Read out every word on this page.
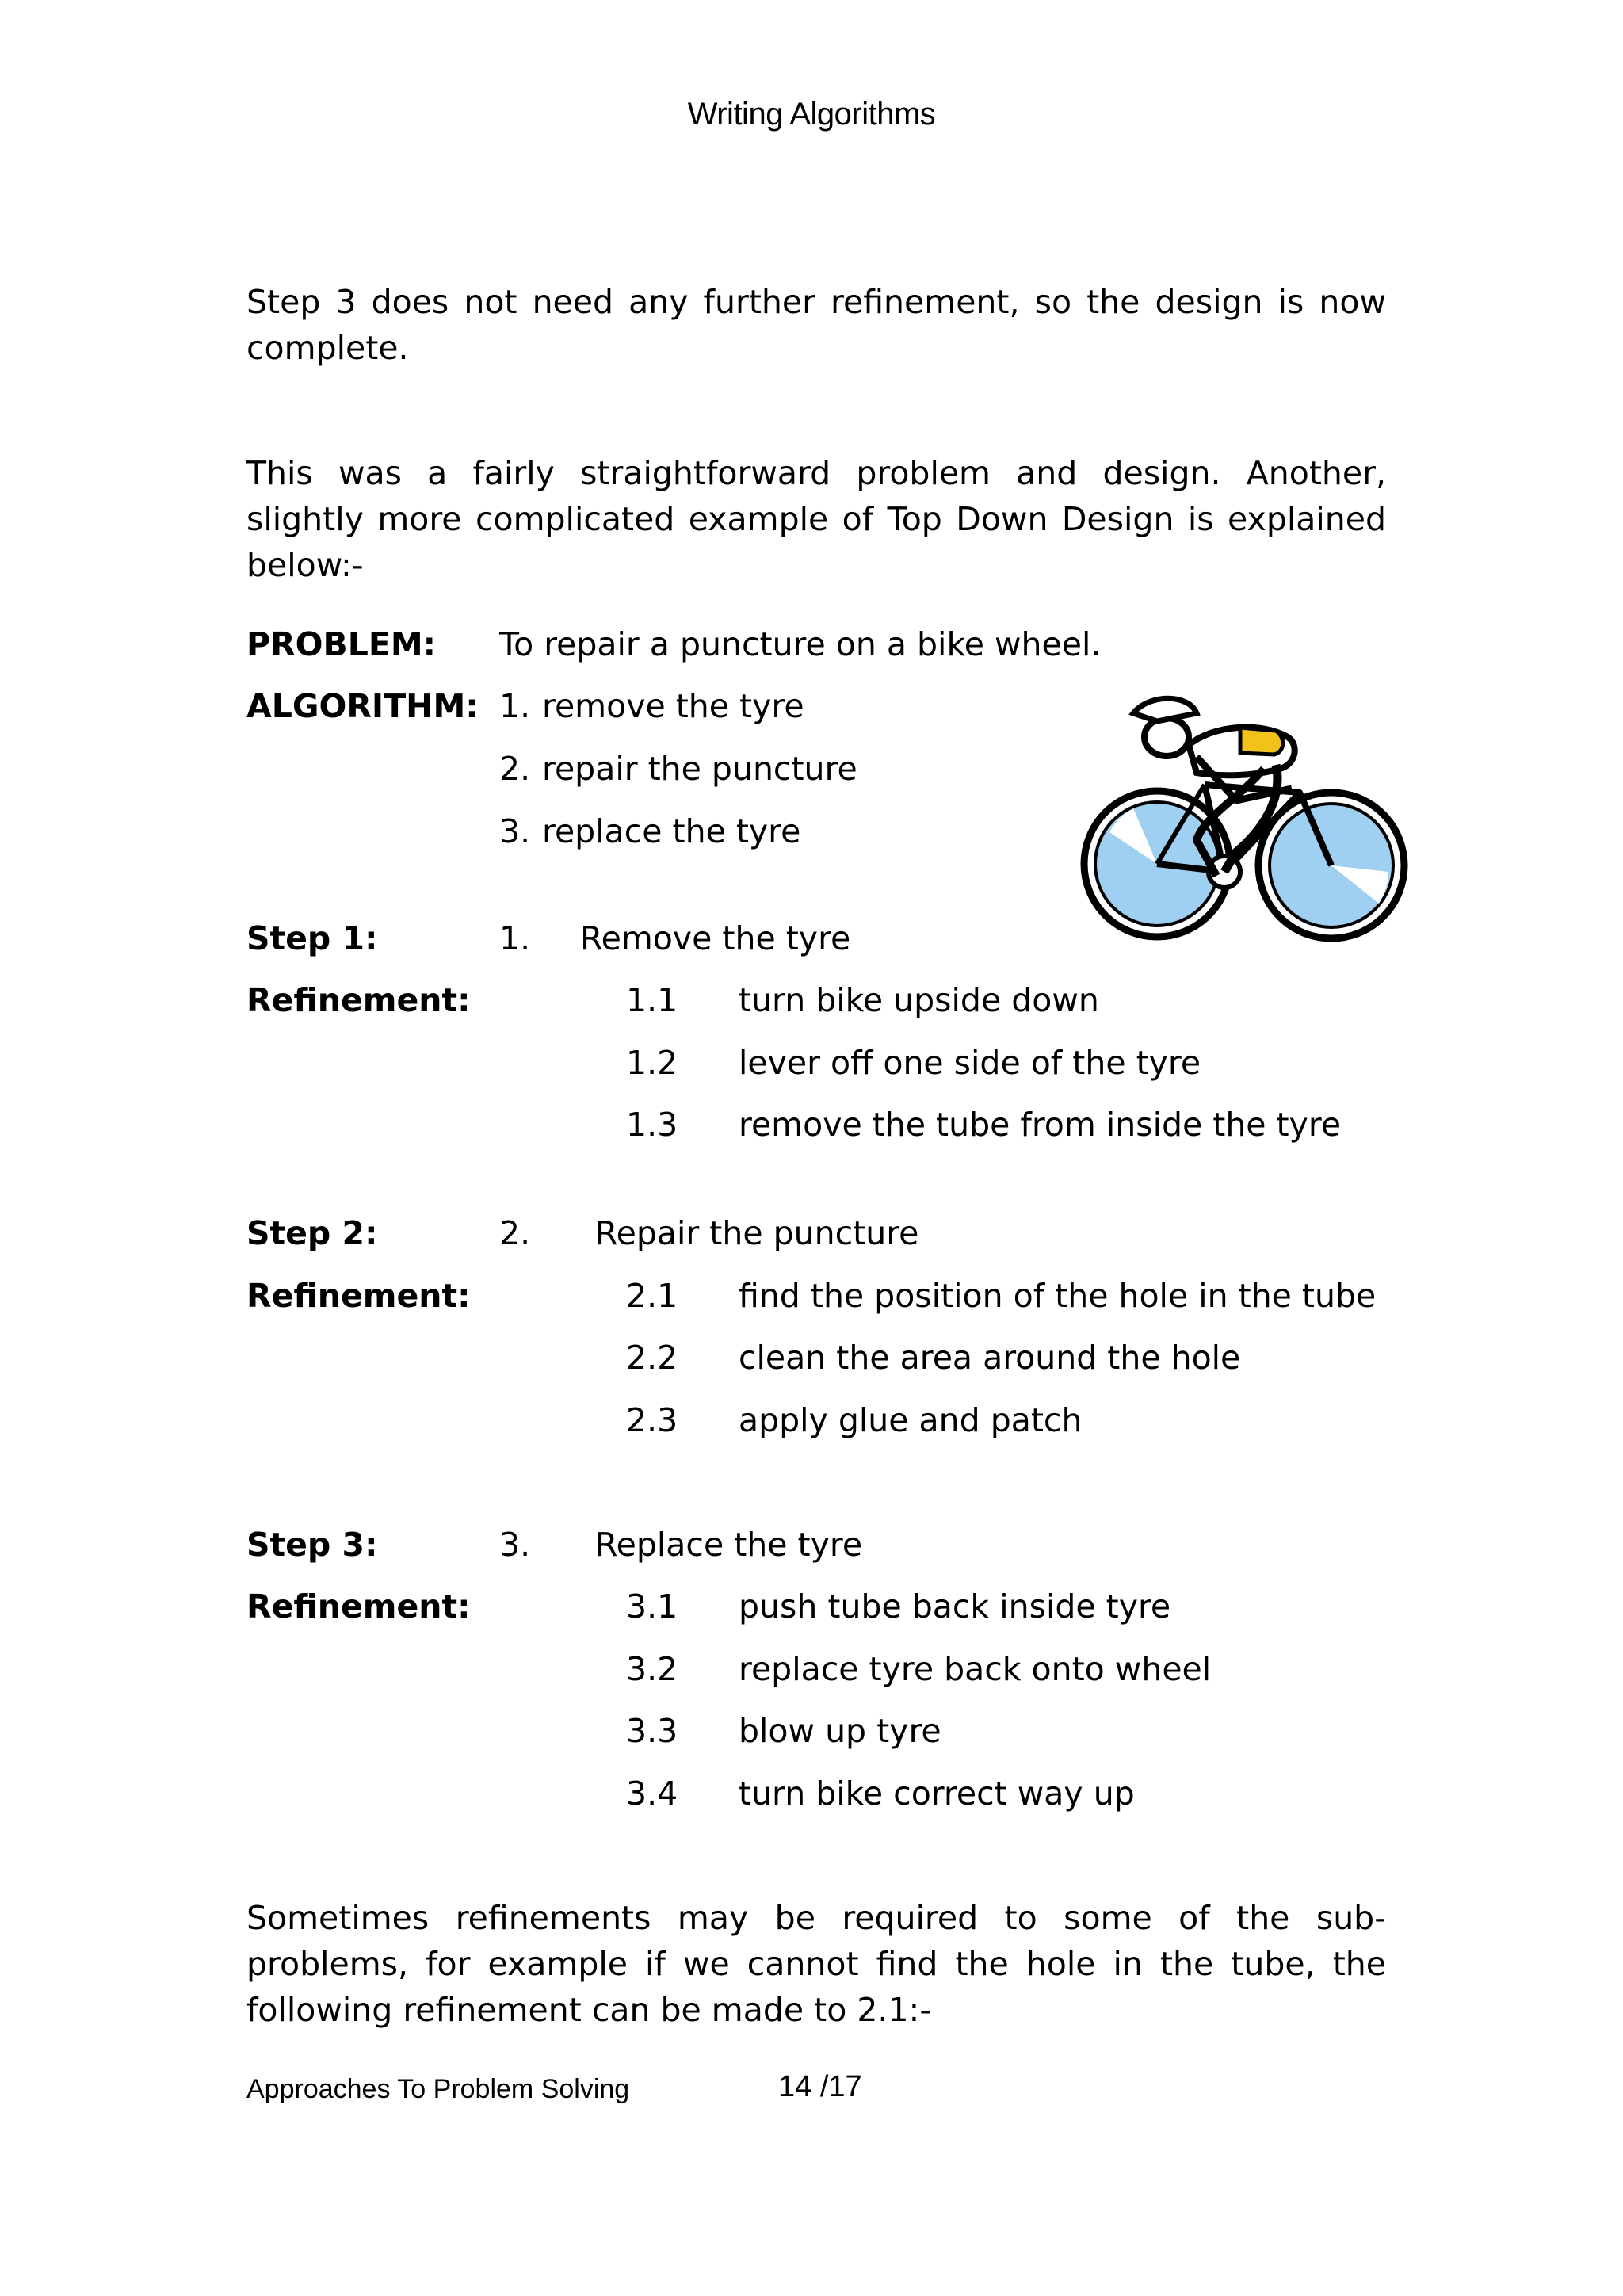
Writing Algorithms
Step 3 does not need any further refinement, so the design is now complete.
This was a fairly straightforward problem and design. Another, slightly more complicated example of Top Down Design is explained below:-
PROBLEM: To repair a puncture on a bike wheel.
ALGORITHM: 1. remove the tyre
2. repair the puncture
3. replace the tyre
Step 1:	1. Remove the tyre
Refinement:	1.1 turn bike upside down
1.2 lever off one side of the tyre
1.3 remove the tube from inside the tyre
Step 2:	2. Repair the puncture
Refinement:	2.1 find the position of the hole in the tube
2.2 clean the area around the hole
2.3 apply glue and patch
Step 3:	3. Replace the tyre
Refinement:	3.1 push tube back inside tyre
3.2 replace tyre back onto wheel
3.3 blow up tyre
3.4 turn bike correct way up
Sometimes refinements may be required to some of the sub-problems, for example if we cannot find the hole in the tube, the following refinement can be made to 2.1:-
Approaches To Problem Solving	14 /17
